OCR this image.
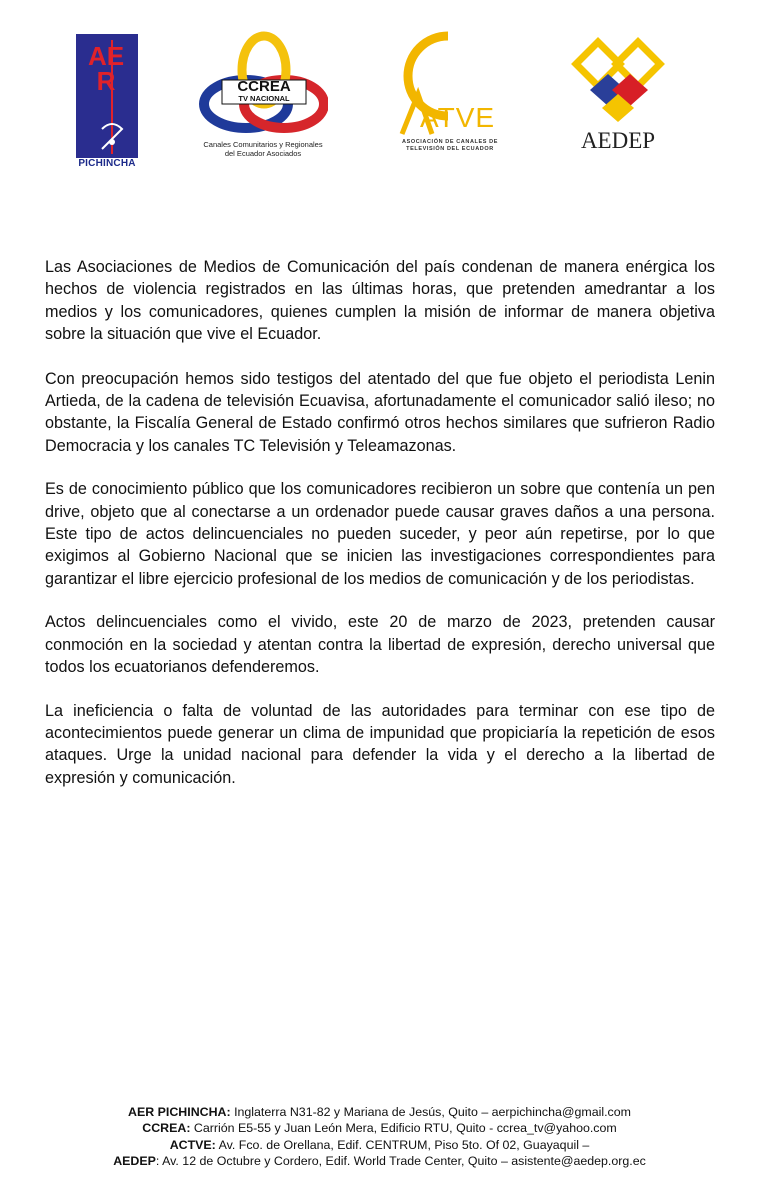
AER
PICHINCHA
CCREA
TV NACIONAL
Canales Comunitarios y Regionales
del Ecuador Asociados
ATVE
ASOCIACIÓN DE CANALES DE
TELEVISIÓN DEL ECUADOR	AEDEP

Las Asociaciones de Medios de Comunicación del país condenan de manera enérgica los hechos de violencia registrados en las últimas horas, que pretenden amedrantar a los medios y los comunicadores, quienes cumplen la misión de informar de manera objetiva sobre la situación que vive el Ecuador.

Con preocupación hemos sido testigos del atentado del que fue objeto el periodista Lenin Artieda, de la cadena de televisión Ecuavisa, afortunadamente el comunicador salió ileso; no obstante, la Fiscalía General de Estado confirmó otros hechos similares que sufrieron Radio Democracia y los canales TC Televisión y Teleamazonas.

Es de conocimiento público que los comunicadores recibieron un sobre que contenía un pen drive, objeto que al conectarse a un ordenador puede causar graves daños a una persona. Este tipo de actos delincuenciales no pueden suceder, y peor aún repetirse, por lo que exigimos al Gobierno Nacional que se inicien las investigaciones correspondientes para garantizar el libre ejercicio profesional de los medios de comunicación y de los periodistas.

Actos delincuenciales como el vivido, este 20 de marzo de 2023, pretenden causar conmoción en la sociedad y atentan contra la libertad de expresión, derecho universal que todos los ecuatorianos defenderemos.

La ineficiencia o falta de voluntad de las autoridades para terminar con ese tipo de acontecimientos puede generar un clima de impunidad que propiciaría la repetición de esos ataques. Urge la unidad nacional para defender la vida y el derecho a la libertad de expresión y comunicación.

AER PICHINCHA: Inglaterra N31-82 y Mariana de Jesús, Quito – aerpichincha@gmail.com
CCREA: Carrión E5-55 y Juan León Mera, Edificio RTU, Quito - ccrea_tv@yahoo.com
ACTVE: Av. Fco. de Orellana, Edif. CENTRUM, Piso 5to. Of 02, Guayaquil –
AEDEP: Av. 12 de Octubre y Cordero, Edif. World Trade Center, Quito – asistente@aedep.org.ec
